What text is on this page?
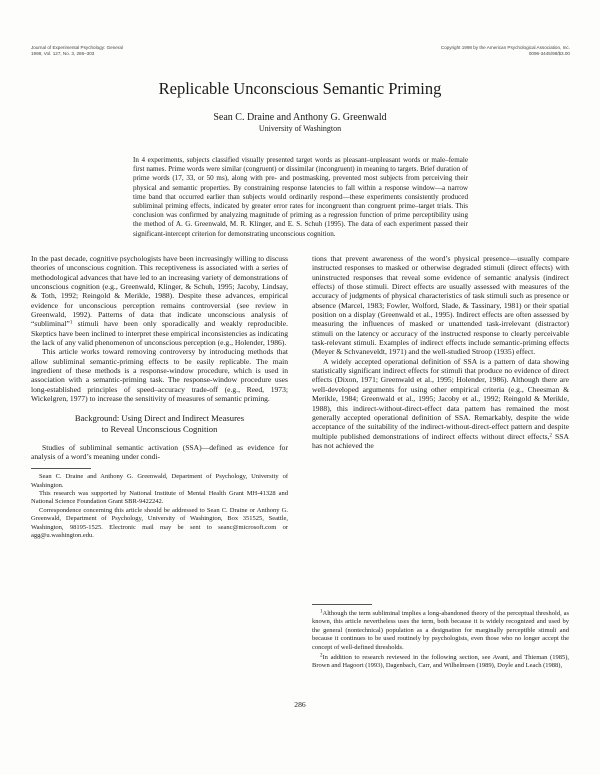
Journal of Experimental Psychology: General
1998, Vol. 127, No. 3, 286–303
Copyright 1998 by the American Psychological Association, Inc.
0096-3445/98/$3.00
Replicable Unconscious Semantic Priming
Sean C. Draine and Anthony G. Greenwald
University of Washington

In 4 experiments, subjects classified visually presented target words as pleasant–unpleasant words or male–female first names. Prime words were similar (congruent) or dissimilar (incongruent) in meaning to targets. Brief duration of prime words (17, 33, or 50 ms), along with pre- and postmasking, prevented most subjects from perceiving their physical and semantic properties. By constraining response latencies to fall within a response window—a narrow time band that occurred earlier than subjects would ordinarily respond—these experiments consistently produced subliminal priming effects, indicated by greater error rates for incongruent than congruent prime–target trials. This conclusion was confirmed by analyzing magnitude of priming as a regression function of prime perceptibility using the method of A. G. Greenwald, M. R. Klinger, and E. S. Schuh (1995). The data of each experiment passed their significant-intercept criterion for demonstrating unconscious cognition.

In the past decade, cognitive psychologists have been increasingly willing to discuss theories of unconscious cognition. This receptiveness is associated with a series of methodological advances that have led to an increasing variety of demonstrations of unconscious cognition (e.g., Greenwald, Klinger, & Schuh, 1995; Jacoby, Lindsay, & Toth, 1992; Reingold & Merikle, 1988). Despite these advances, empirical evidence for unconscious perception remains controversial (see review in Greenwald, 1992). Patterns of data that indicate unconscious analysis of “subliminal”$^1$ stimuli have been only sporadically and weakly reproducible. Skeptics have been inclined to interpret these empirical inconsistencies as indicating the lack of any valid phenomenon of unconscious perception (e.g., Holender, 1986).

This article works toward removing controversy by introducing methods that allow subliminal semantic-priming effects to be easily replicable. The main ingredient of these methods is a response-window procedure, which is used in association with a semantic-priming task. The response-window procedure uses long-established principles of speed–accuracy trade-off (e.g., Reed, 1973; Wickelgren, 1977) to increase the sensitivity of measures of semantic priming.

Background: Using Direct and Indirect Measures
to Reveal Unconscious Cognition

Studies of subliminal semantic activation (SSA)—defined as evidence for analysis of a word’s meaning under condi-

Sean C. Draine and Anthony G. Greenwald, Department of Psychology, University of Washington.

This research was supported by National Institute of Mental Health Grant MH-41328 and National Science Foundation Grant SBR-9422242.

Correspondence concerning this article should be addressed to Sean C. Draine or Anthony G. Greenwald, Department of Psychology, University of Washington, Box 351525, Seattle, Washington, 98195-1525. Electronic mail may be sent to seanc@microsoft.com or agg@u.washington.edu.

tions that prevent awareness of the word’s physical presence—usually compare instructed responses to masked or otherwise degraded stimuli (direct effects) with uninstructed responses that reveal some evidence of semantic analysis (indirect effects) of those stimuli. Direct effects are usually assessed with measures of the accuracy of judgments of physical characteristics of task stimuli such as presence or absence (Marcel, 1983; Fowler, Wolford, Slade, & Tassinary, 1981) or their spatial position on a display (Greenwald et al., 1995). Indirect effects are often assessed by measuring the influences of masked or unattended task-irrelevant (distractor) stimuli on the latency or accuracy of the instructed response to clearly perceivable task-relevant stimuli. Examples of indirect effects include semantic-priming effects (Meyer & Schvaneveldt, 1971) and the well-studied Stroop (1935) effect.

A widely accepted operational definition of SSA is a pattern of data showing statistically significant indirect effects for stimuli that produce no evidence of direct effects (Dixon, 1971; Greenwald et al., 1995; Holender, 1986). Although there are well-developed arguments for using other empirical criteria (e.g., Cheesman & Merikle, 1984; Greenwald et al., 1995; Jacoby et al., 1992; Reingold & Merikle, 1988), this indirect-without-direct-effect data pattern has remained the most generally accepted operational definition of SSA. Remarkably, despite the wide acceptance of the suitability of the indirect-without-direct-effect pattern and despite multiple published demonstrations of indirect effects without direct effects,$^2$ SSA has not achieved the

$^1$Although the term subliminal implies a long-abandoned theory of the perceptual threshold, as known, this article nevertheless uses the term, both because it is widely recognized and used by the general (nontechnical) population as a designation for marginally perceptible stimuli and because it continues to be used routinely by psychologists, even those who no longer accept the concept of well-defined thresholds.

$^2$In addition to research reviewed in the following section, see Avant, and Thieman (1985), Brown and Hagoort (1993), Dagenbach, Carr, and Wilhelmsen (1989), Doyle and Leach (1988),

286
